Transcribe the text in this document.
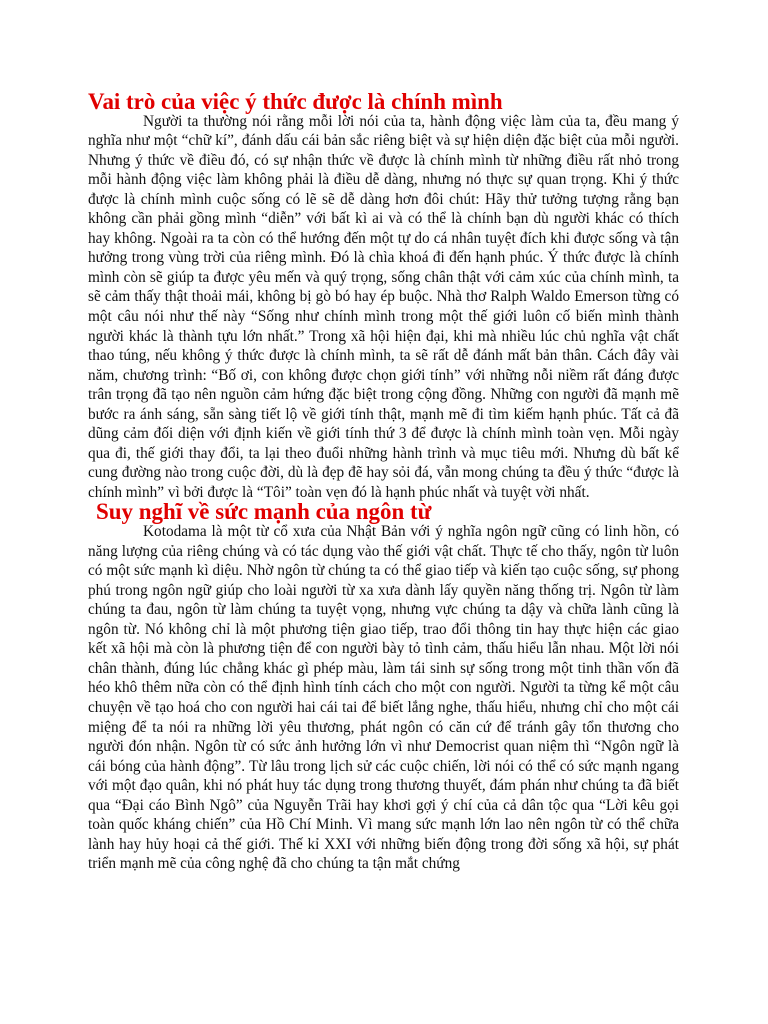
Vai trò của việc ý thức được là chính mình

Người ta thường nói rằng mỗi lời nói của ta, hành động việc làm của ta, đều mang ý nghĩa như một “chữ kí”, đánh dấu cái bản sắc riêng biệt và sự hiện diện đặc biệt của mỗi người. Nhưng ý thức về điều đó, có sự nhận thức về được là chính mình từ những điều rất nhỏ trong mỗi hành động việc làm không phải là điều dễ dàng, nhưng nó thực sự quan trọng. Khi ý thức được là chính mình cuộc sống có lẽ sẽ dễ dàng hơn đôi chút: Hãy thử tưởng tượng rằng bạn không cần phải gồng mình “diễn” với bất kì ai và có thể là chính bạn dù người khác có thích hay không. Ngoài ra ta còn có thể hướng đến một tự do cá nhân tuyệt đích khi được sống và tận hưởng trong vùng trời của riêng mình. Đó là chìa khoá đi đến hạnh phúc. Ý thức được là chính mình còn sẽ giúp ta được yêu mến và quý trọng, sống chân thật với cảm xúc của chính mình, ta sẽ cảm thấy thật thoải mái, không bị gò bó hay ép buộc. Nhà thơ Ralph Waldo Emerson từng có một câu nói như thế này “Sống như chính mình trong một thế giới luôn cố biến mình thành người khác là thành tựu lớn nhất.” Trong xã hội hiện đại, khi mà nhiều lúc chủ nghĩa vật chất thao túng, nếu không ý thức được là chính mình, ta sẽ rất dễ đánh mất bản thân. Cách đây vài năm, chương trình: “Bố ơi, con không được chọn giới tính” với những nỗi niềm rất đáng được trân trọng đã tạo nên nguồn cảm hứng đặc biệt trong cộng đồng. Những con người đã mạnh mẽ bước ra ánh sáng, sẵn sàng tiết lộ về giới tính thật, mạnh mẽ đi tìm kiếm hạnh phúc. Tất cả đã dũng cảm đối diện với định kiến về giới tính thứ 3 để được là chính mình toàn vẹn. Mỗi ngày qua đi, thế giới thay đổi, ta lại theo đuổi những hành trình và mục tiêu mới. Nhưng dù bất kể cung đường nào trong cuộc đời, dù là đẹp đẽ hay sỏi đá, vẫn mong chúng ta đều ý thức “được là chính mình” vì bởi được là “Tôi” toàn vẹn đó là hạnh phúc nhất và tuyệt vời nhất.

Suy nghĩ về sức mạnh của ngôn từ

Kotodama là một từ cổ xưa của Nhật Bản với ý nghĩa ngôn ngữ cũng có linh hồn, có năng lượng của riêng chúng và có tác dụng vào thế giới vật chất. Thực tế cho thấy, ngôn từ luôn có một sức mạnh kì diệu. Nhờ ngôn từ chúng ta có thể giao tiếp và kiến tạo cuộc sống, sự phong phú trong ngôn ngữ giúp cho loài người từ xa xưa dành lấy quyền năng thống trị. Ngôn từ làm chúng ta đau, ngôn từ làm chúng ta tuyệt vọng, nhưng vực chúng ta dậy và chữa lành cũng là ngôn từ. Nó không chỉ là một phương tiện giao tiếp, trao đổi thông tin hay thực hiện các giao kết xã hội mà còn là phương tiện để con người bày tỏ tình cảm, thấu hiểu lẫn nhau. Một lời nói chân thành, đúng lúc chẳng khác gì phép màu, làm tái sinh sự sống trong một tinh thần vốn đã héo khô thêm nữa còn có thể định hình tính cách cho một con người. Người ta từng kể một câu chuyện về tạo hoá cho con người hai cái tai để biết lắng nghe, thấu hiểu, nhưng chỉ cho một cái miệng để ta nói ra những lời yêu thương, phát ngôn có căn cứ để tránh gây tổn thương cho người đón nhận. Ngôn từ có sức ảnh hưởng lớn vì như Democrist quan niệm thì “Ngôn ngữ là cái bóng của hành động”. Từ lâu trong lịch sử các cuộc chiến, lời nói có thể có sức mạnh ngang với một đạo quân, khi nó phát huy tác dụng trong thương thuyết, đám phán như chúng ta đã biết qua “Đại cáo Bình Ngô” của Nguyễn Trãi hay khơi gợi ý chí của cả dân tộc qua “Lời kêu gọi toàn quốc kháng chiến” của Hồ Chí Minh. Vì mang sức mạnh lớn lao nên ngôn từ có thể chữa lành hay hủy hoại cả thế giới. Thế kỉ XXI với những biến động trong đời sống xã hội, sự phát triển mạnh mẽ của công nghệ đã cho chúng ta tận mắt chứng
